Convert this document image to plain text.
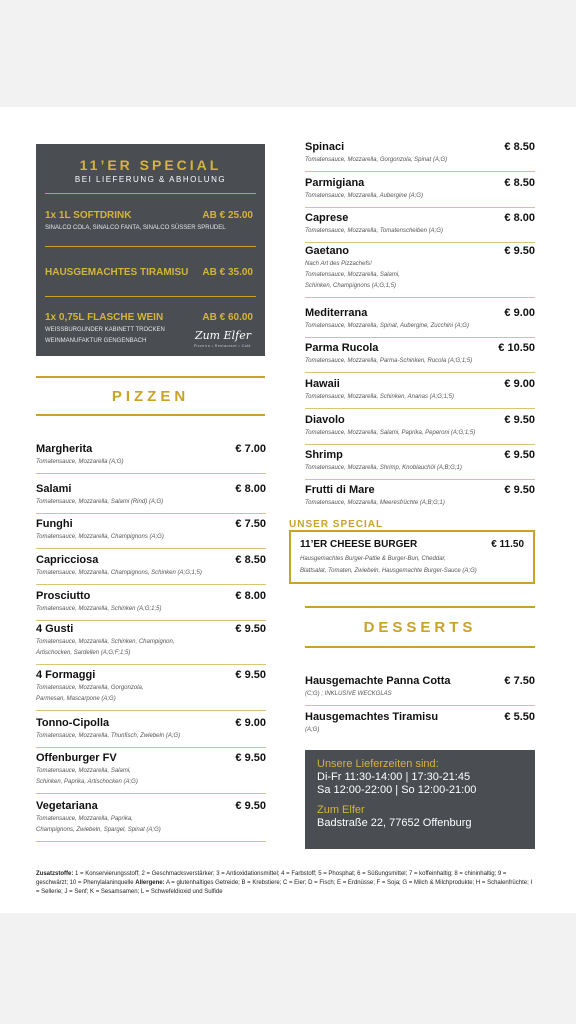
11’ER SPECIAL
BEI LIEFERUNG & ABHOLUNG
1x 1L SOFTDRINK	AB € 25.00
SINALCO COLA, SINALCO FANTA, SINALCO SÜSSER SPRUDEL
HAUSGEMACHTES TIRAMISU AB € 35.00
1x 0,75L FLASCHE WEIN	AB € 60.00
WEISSBURGUNDER KABINETT TROCKEN
WEINMANUFAKTUR GENGENBACH	Zum Elfer
Pizzeria • Restaurant • Café
PIZZEN
Margherita	€ 7.00
Tomatensauce, Mozzarella (A;G)
Salami	€ 8.00
Tomatensauce, Mozzarella, Salami (Rind) (A;G)
Funghi	€ 7.50
Tomatensauce, Mozzarella, Champignons (A;G)
Capricciosa	€ 8.50
Tomatensauce, Mozzarella, Champignons, Schinken (A;G;1;5)
Prosciutto	€ 8.00
Tomatensauce, Mozzarella, Schinken (A;G;1;5)
4 Gusti	€ 9.50
Tomatensauce, Mozzarella, Schinken, Champignon,
Artischocken, Sardellen (A;G;F;1;5)
4 Formaggi	€ 9.50
Tomatensauce, Mozzarella, Gorgonzola,
Parmesan, Mascarpone (A;G)
Tonno-Cipolla	€ 9.00
Tomatensauce, Mozzarella, Thunfisch, Zwiebeln (A;G)
Offenburger FV	€ 9.50
Tomatensauce, Mozzarella, Salami,
Schinken, Paprika, Artischocken (A;G)
Vegetariana	€ 9.50
Tomatensauce, Mozzarella, Paprika,
Champignons, Zwiebeln, Spargel, Spinat (A;G)
Spinaci	€ 8.50
Tomatensauce, Mozzarella, Gorgonzola, Spinat (A;G)
Parmigiana	€ 8.50
Tomatensauce, Mozzarella, Aubergine (A;G)
Caprese	€ 8.00
Tomatensauce, Mozzarella, Tomatenscheiben (A;G)
Gaetano	€ 9.50
Nach Art des Pizzachefs!
Tomatensauce, Mozzarella, Salami,
Schinken, Champignons (A;G;1;5)
Mediterrana	€ 9.00
Tomatensauce, Mozzarella, Spinat, Aubergine, Zucchini (A;G)
Parma Rucola	€ 10.50
Tomatensauce, Mozzarella, Parma-Schinken, Rucola (A;G;1;5)
Hawaii	€ 9.00
Tomatensauce, Mozzarella, Schinken, Ananas (A;G;1;5)
Diavolo	€ 9.50
Tomatensauce, Mozzarella, Salami, Paprika, Peperoni (A;G;1;5)
Shrimp	€ 9.50
Tomatensauce, Mozzarella, Shrimp, Knoblauchöl (A;B;G;1)
Frutti di Mare	€ 9.50
Tomatensauce, Mozzarella, Meeresfrüchte (A;B;G;1)
UNSER SPECIAL
11’ER CHEESE BURGER	€ 11.50
Hausgemachtes Burger-Pattie & Burger-Bun, Cheddar,
Blattsalat, Tomaten, Zwiebeln, Hausgemachte Burger-Sauce (A;G)
DESSERTS
Hausgemachte Panna Cotta	€ 7.50
(C;G) ; INKLUSIVE WECKGLAS
Hausgemachtes Tiramisu	€ 5.50
(A;G)
Unsere Lieferzeiten sind:
Di-Fr 11:30-14:00 | 17:30-21:45
Sa 12:00-22:00 | So 12:00-21:00
Zum Elfer
Badstraße 22, 77652 Offenburg
Zusatzstoffe: 1 = Konservierungsstoff; 2 = Geschmacksverstärker; 3 = Antioxidationsmittel; 4 = Farbstoff; 5 = Phosphat; 6 = Süßungsmittel; 7 = koffeinhaltig; 8 = chininhaltig; 9 = geschwärzt; 10 = Phenylalaninquelle Allergene: A = glutenhaltiges Getreide; B = Krebstiere; C = Eier; D = Fisch; E = Erdnüsse; F = Soja; G = Milch & Milchprodukte; H = Schalenfrüchte; I = Sellerie; J = Senf; K = Sesamsamen; L = Schwefeldioxid und Sulfide
